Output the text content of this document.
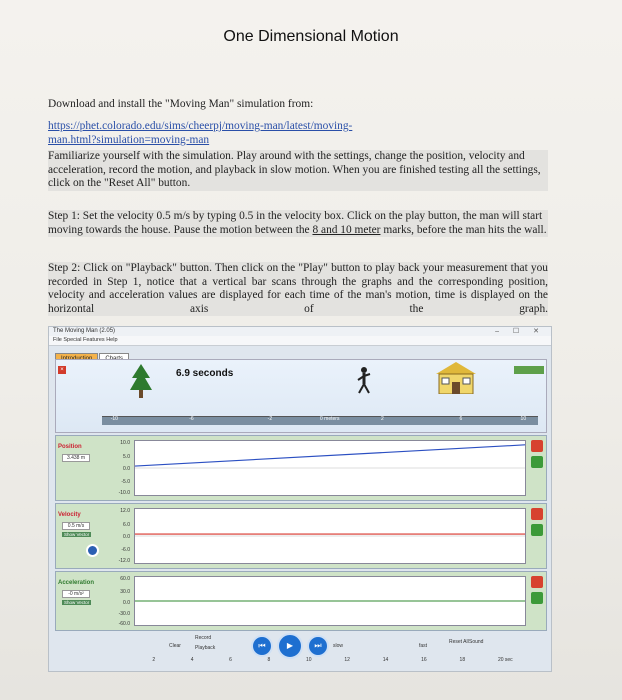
One Dimensional Motion
Download and install the "Moving Man" simulation from:
https://phet.colorado.edu/sims/cheerpj/moving-man/latest/moving-
man.html?simulation=moving-man
Familiarize yourself with the simulation. Play around with the settings, change the position, velocity and acceleration, record the motion, and playback in slow motion. When you are finished testing all the settings, click on the "Reset All" button.
Step 1: Set the velocity 0.5 m/s by typing 0.5 in the velocity box. Click on the play button, the man will start moving towards the house. Pause the motion between the 8 and 10 meter marks, before the man hits the wall.
Step 2: Click on "Playback" button. Then click on the "Play" button to play back your measurement that you recorded in Step 1, notice that a vertical bar scans through the graphs and the corresponding position, velocity and acceleration values are displayed for each time of the man's motion, time is displayed on the horizontal axis of the graph.
The Moving Man (2.05)	– ☐ ✕
File Special Features Help
×	6.9 seconds
-10	-6	-2	0 meters	2	6	10
Position
3.438 m
10.0
5.0
0.0
-5.0
-10.0
Velocity
0.5 m/s
Show Vector
12.0
6.0
0.0
-6.0
-12.0
Acceleration
-0 m/s²
Show Vector
60.0
30.0
0.0
-30.0
-60.0
Clear
Record
Playback	⏮	▶	⏭	slow	fast
Reset All Sound
2	4	6	8	10	12	14	16	18	20 sec
